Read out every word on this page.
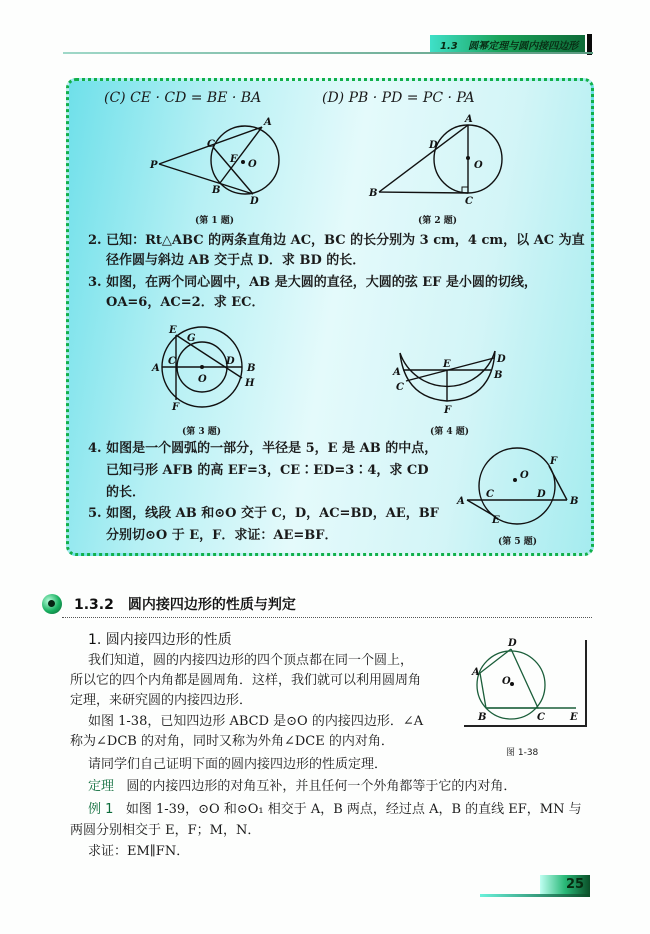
1.3 圆幂定理与圆内接四边形
(C) CE · CD = BE · BA	(D) PB · PD = PC · PA
A
C
E O
P
B
D
(第 1 题)
A
D
O
B
C
(第 2 题)
2. 已知：Rt△ABC 的两条直角边 AC，BC 的长分别为 3 cm，4 cm，以 AC 为直
径作圆与斜边 AB 交于点 D．求 BD 的长．
3. 如图，在两个同心圆中，AB 是大圆的直径，大圆的弦 EF 是小圆的切线，
OA=6，AC=2．求 EC．
E
G
A
C
O
D
B
H
F
(第 3 题)
A
E	D
B
C
F
(第 4 题)
4. 如图是一个圆弧的一部分，半径是 5，E 是 AB 的中点，
已知弓形 AFB 的高 EF=3，CE∶ED=3∶4，求 CD
的长．
5. 如图，线段 AB 和⊙O 交于 C，D，AC=BD，AE，BF
分别切⊙O 于 E，F．求证：AE=BF．
F
O
A
C	D
B
E
(第 5 题)
1.3.2　圆内接四边形的性质与判定
1. 圆内接四边形的性质
我们知道，圆的内接四边形的四个顶点都在同一个圆上，
所以它的四个内角都是圆周角．这样，我们就可以利用圆周角
定理，来研究圆的内接四边形．
如图 1-38，已知四边形 ABCD 是⊙O 的内接四边形．∠A
称为∠DCB 的对角，同时又称为外角∠DCE 的内对角．
请同学们自己证明下面的圆内接四边形的性质定理．
定理 圆的内接四边形的对角互补，并且任何一个外角都等于它的内对角．
例 1 如图 1-39，⊙O 和⊙O₁ 相交于 A，B 两点，经过点 A，B 的直线 EF，MN 与
两圆分别相交于 E，F；M，N．
求证：EM∥FN．
D
A
O
B	C	E
图 1-38
25
